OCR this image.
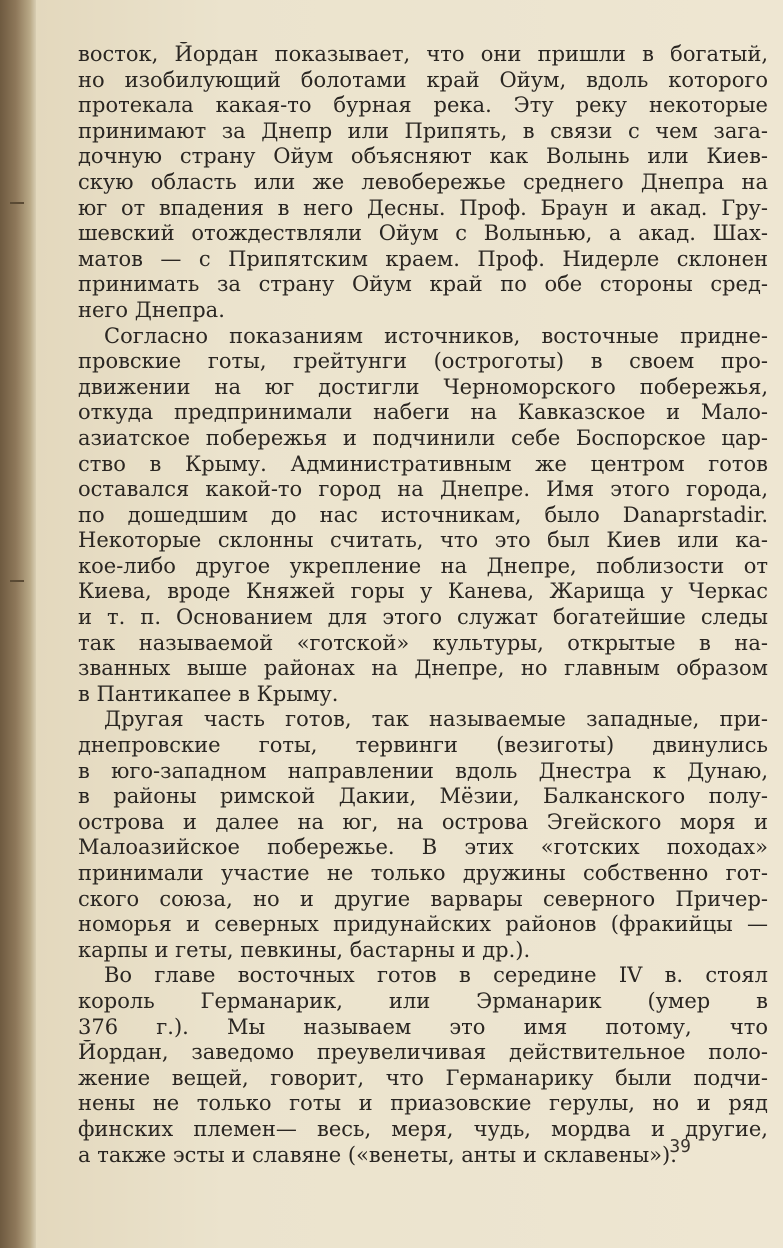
восток, Йордан показывает, что они пришли в богатый,
но изобилующий болотами край Ойум, вдоль которого
протекала какая-то бурная река. Эту реку некоторые
принимают за Днепр или Припять, в связи с чем зага-
дочную страну Ойум объясняют как Волынь или Киев-
скую область или же левобережье среднего Днепра на
юг от впадения в него Десны. Проф. Браун и акад. Гру-
шевский отождествляли Ойум с Волынью, а акад. Шах-
матов — с Припятским краем. Проф. Нидерле склонен
принимать за страну Ойум край по обе стороны сред-
него Днепра.
Согласно показаниям источников, восточные придне-
провские готы, грейтунги (остроготы) в своем про-
движении на юг достигли Черноморского побережья,
откуда предпринимали набеги на Кавказское и Мало-
азиатское побережья и подчинили себе Боспорское цар-
ство в Крыму. Административным же центром готов
оставался какой-то город на Днепре. Имя этого города,
по дошедшим до нас источникам, было Danaprstadir.
Некоторые склонны считать, что это был Киев или ка-
кое-либо другое укрепление на Днепре, поблизости от
Киева, вроде Княжей горы у Канева, Жарища у Черкас
и т. п. Основанием для этого служат богатейшие следы
так называемой «готской» культуры, открытые в на-
званных выше районах на Днепре, но главным образом
в Пантикапее в Крыму.
Другая часть готов, так называемые западные, при-
днепровские готы, тервинги (везиготы) двинулись
в юго-западном направлении вдоль Днестра к Дунаю,
в районы римской Дакии, Мёзии, Балканского полу-
острова и далее на юг, на острова Эгейского моря и
Малоазийское побережье. В этих «готских походах»
принимали участие не только дружины собственно гот-
ского союза, но и другие варвары северного Причер-
номорья и северных придунайских районов (фракийцы —
карпы и геты, певкины, бастарны и др.).
Во главе восточных готов в середине IV в. стоял
король Германарик, или Эрманарик (умер в
376 г.). Мы называем это имя потому, что
Йордан, заведомо преувеличивая действительное поло-
жение вещей, говорит, что Германарику были подчи-
нены не только готы и приазовские герулы, но и ряд
финских племен— весь, меря, чудь, мордва и другие,
а также эсты и славяне («венеты, анты и склавены»).
39
